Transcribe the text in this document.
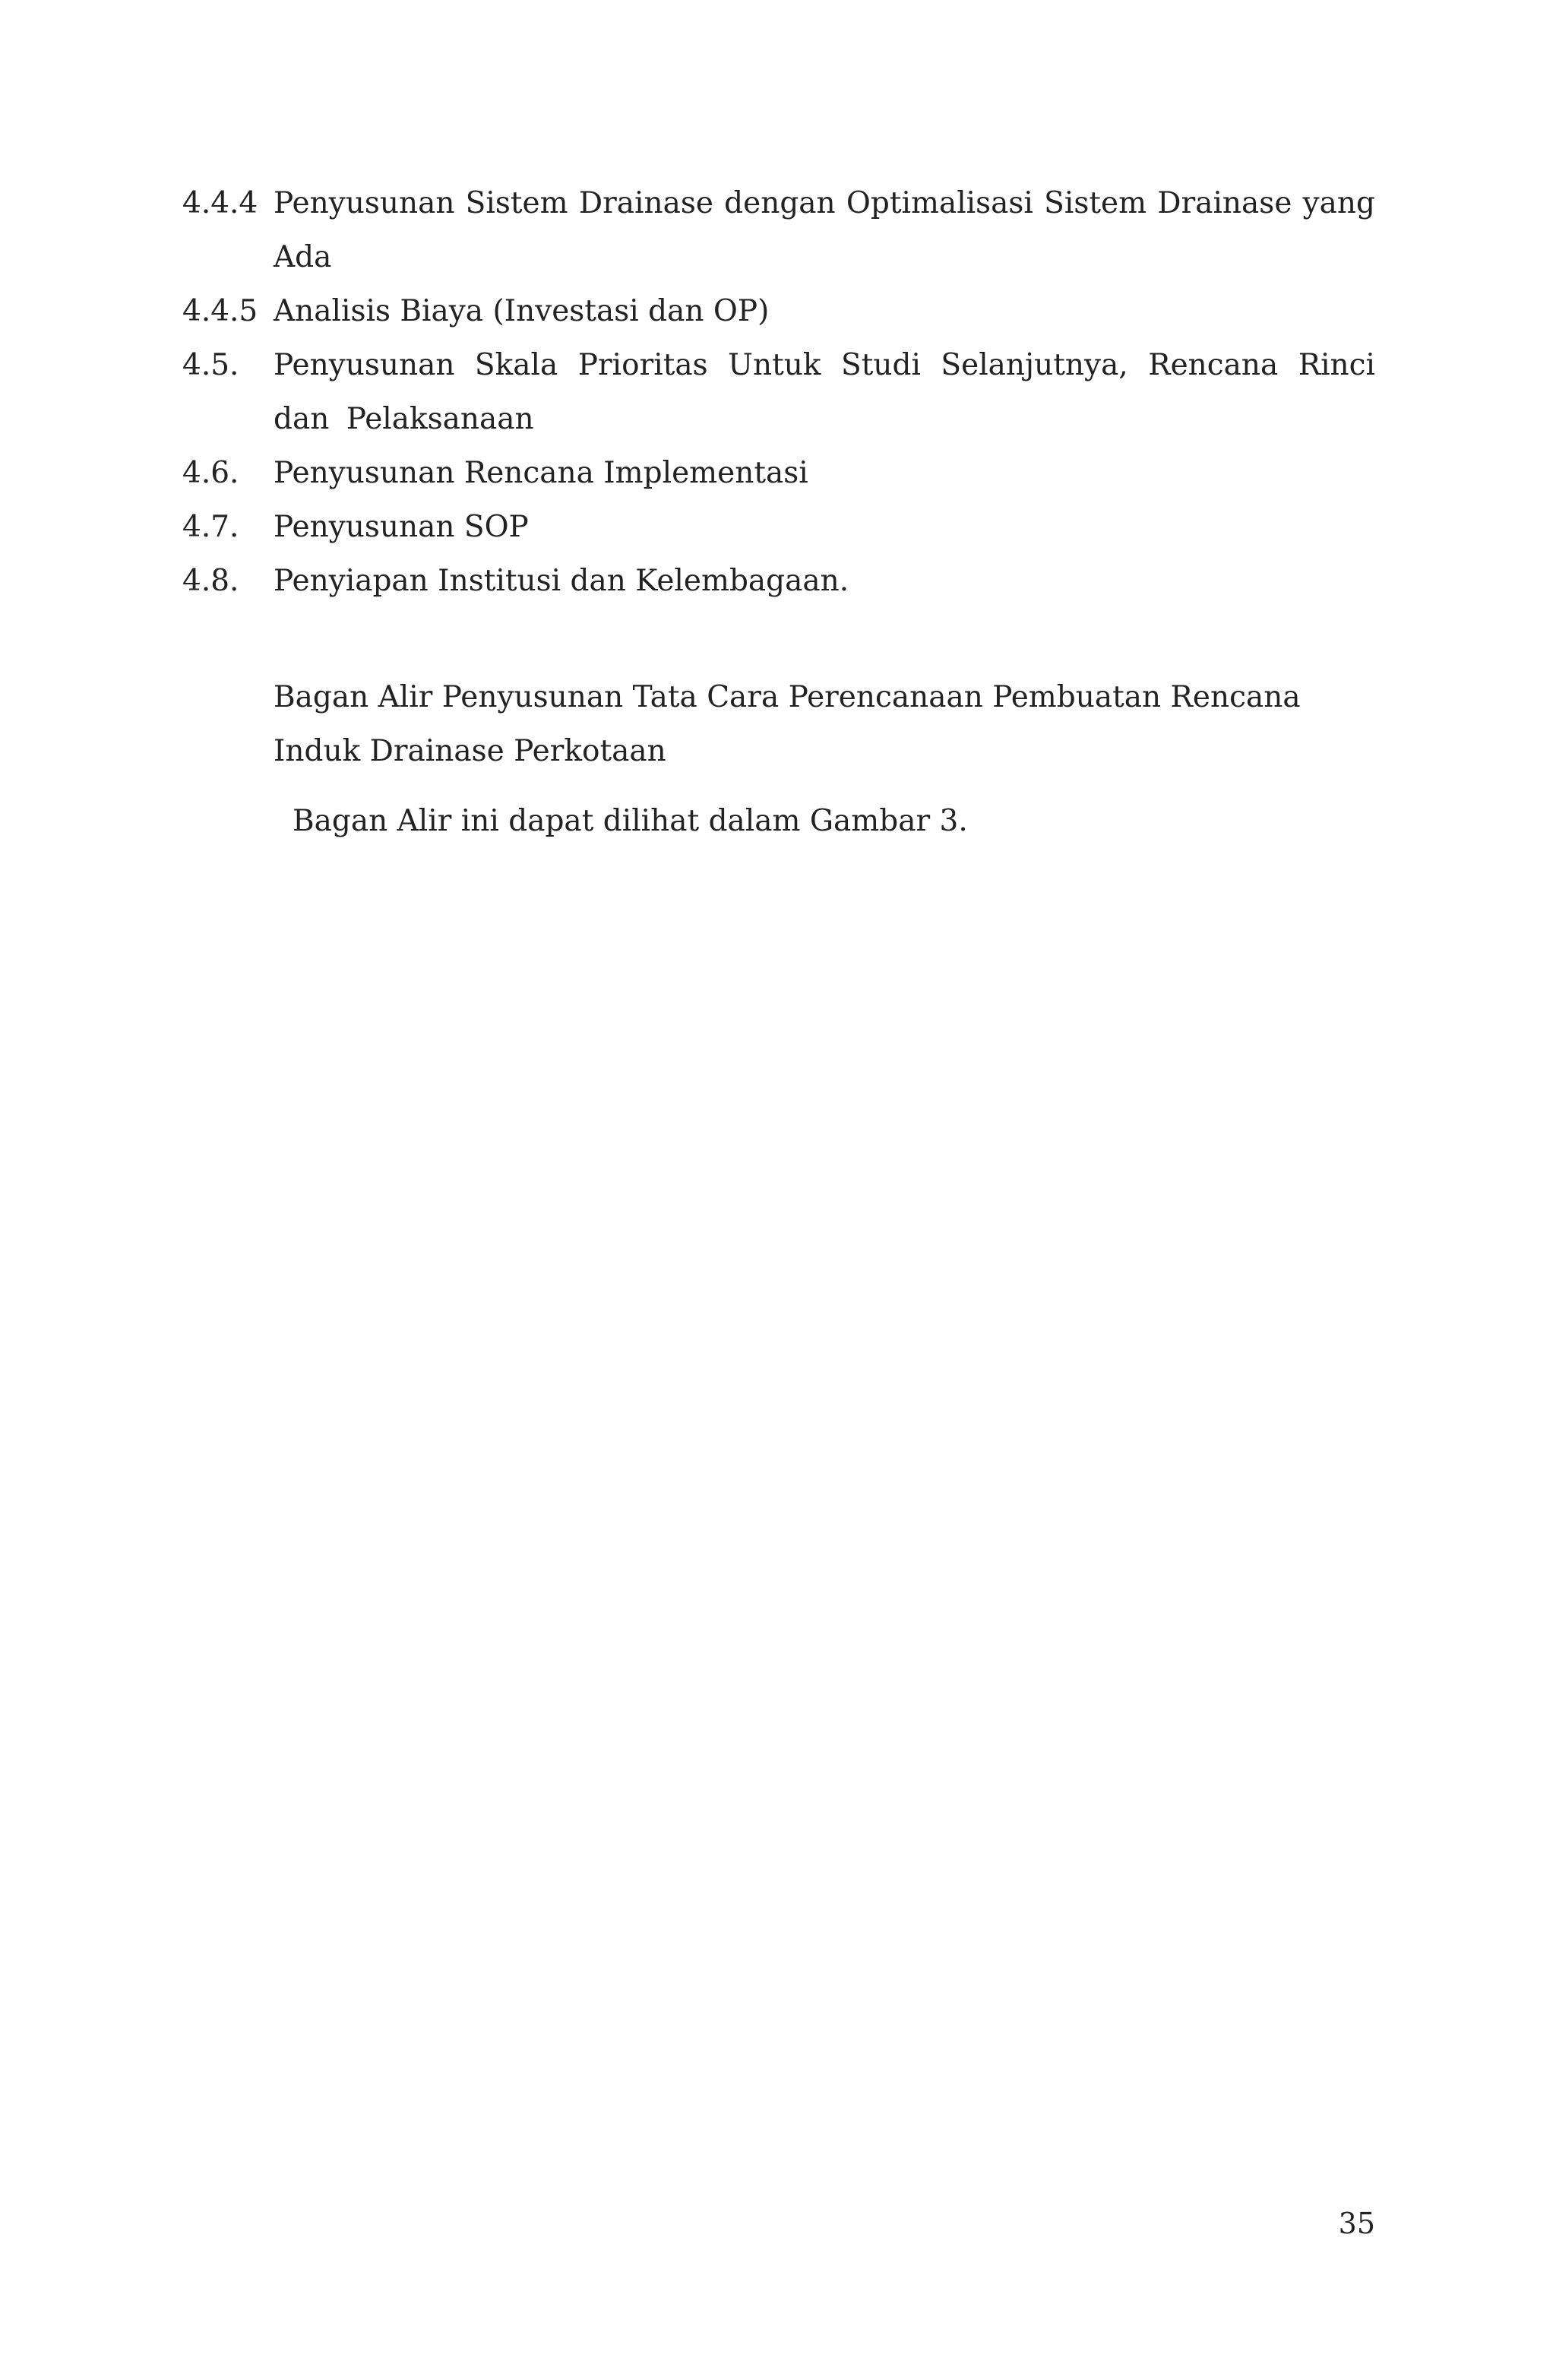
4.4.4 Penyusunan Sistem Drainase dengan Optimalisasi Sistem Drainase yang Ada
4.4.5 Analisis Biaya (Investasi dan OP)
4.5.	Penyusunan Skala Prioritas Untuk Studi Selanjutnya, Rencana Rinci dan Pelaksanaan
4.6.	Penyusunan Rencana Implementasi
4.7.	Penyusunan SOP
4.8.	Penyiapan Institusi dan Kelembagaan.
Bagan Alir Penyusunan Tata Cara Perencanaan Pembuatan Rencana Induk Drainase Perkotaan
Bagan Alir ini dapat dilihat dalam Gambar 3.
35
